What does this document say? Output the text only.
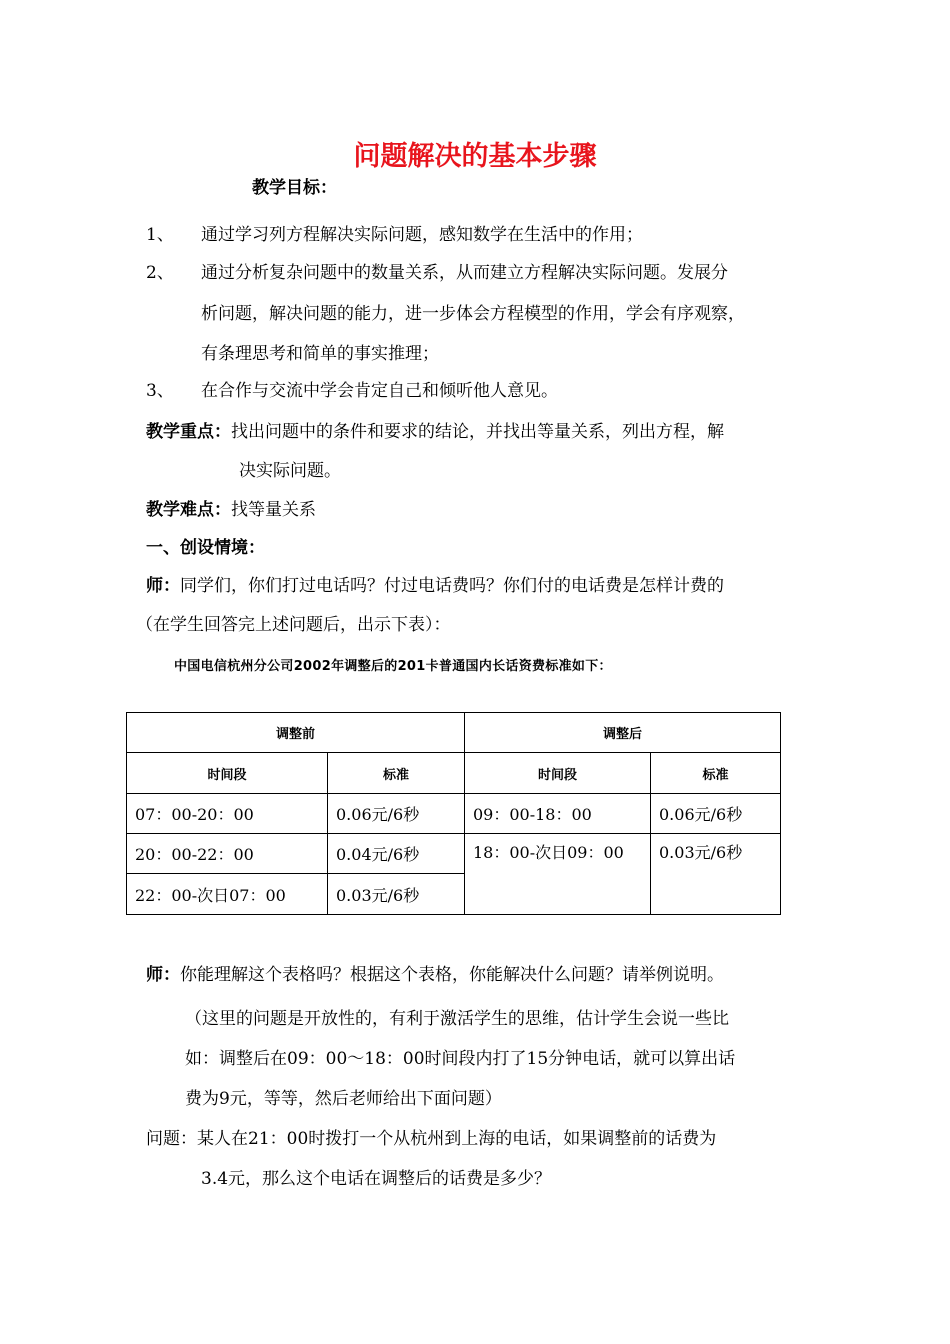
问题解决的基本步骤
教学目标：
1、 通过学习列方程解决实际问题，感知数学在生活中的作用；
2、 通过分析复杂问题中的数量关系，从而建立方程解决实际问题。发展分
析问题，解决问题的能力，进一步体会方程模型的作用，学会有序观察，
有条理思考和简单的事实推理；
3、 在合作与交流中学会肯定自己和倾听他人意见。
教学重点：找出问题中的条件和要求的结论，并找出等量关系，列出方程，解
决实际问题。
教学难点：找等量关系
一、创设情境：
师：同学们，你们打过电话吗？付过电话费吗？你们付的电话费是怎样计费的
（在学生回答完上述问题后，出示下表）：
中国电信杭州分公司2002年调整后的201卡普通国内长话资费标准如下：
调整前		调整后	
时间段	标准	时间段	标准
07：00-20：00	0.06元/6秒	09：00-18：00	0.06元/6秒
20：00-22：00	0.04元/6秒	18：00-次日09：00	0.03元/6秒
22：00-次日07：00	0.03元/6秒		
师：你能理解这个表格吗？根据这个表格，你能解决什么问题？请举例说明。
（这里的问题是开放性的，有利于激活学生的思维，估计学生会说一些比
如：调整后在09：00～18：00时间段内打了15分钟电话，就可以算出话
费为9元，等等，然后老师给出下面问题）
问题：某人在21：00时拨打一个从杭州到上海的电话，如果调整前的话费为
3.4元，那么这个电话在调整后的话费是多少？
